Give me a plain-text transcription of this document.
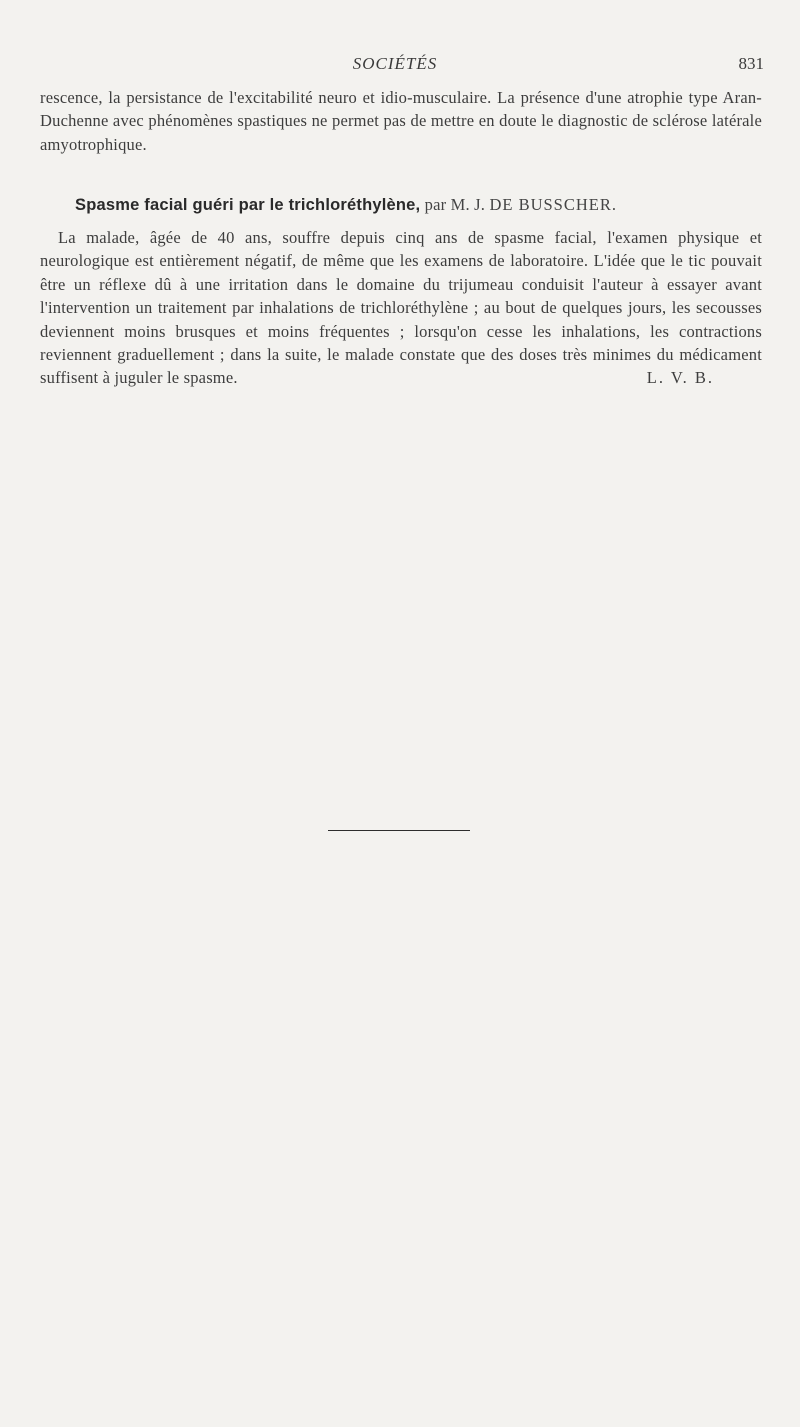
SOCIÉTÉS	831
rescence, la persistance de l'excitabilité neuro et idio-musculaire. La présence d'une atrophie type Aran-Duchenne avec phénomènes spastiques ne permet pas de mettre en doute le diagnostic de sclérose latérale amyotrophique.
Spasme facial guéri par le trichloréthylène, par M. J. DE BUSSCHER.
La malade, âgée de 40 ans, souffre depuis cinq ans de spasme facial, l'examen physique et neurologique est entièrement négatif, de même que les examens de laboratoire. L'idée que le tic pouvait être un réflexe dû à une irritation dans le domaine du trijumeau conduisit l'auteur à essayer avant l'intervention un traitement par inhalations de trichloréthylène ; au bout de quelques jours, les secousses deviennent moins brusques et moins fréquentes ; lorsqu'on cesse les inhalations, les contractions reviennent graduellement ; dans la suite, le malade constate que des doses très minimes du médicament suffisent à juguler le spasme.	L. V. B.
